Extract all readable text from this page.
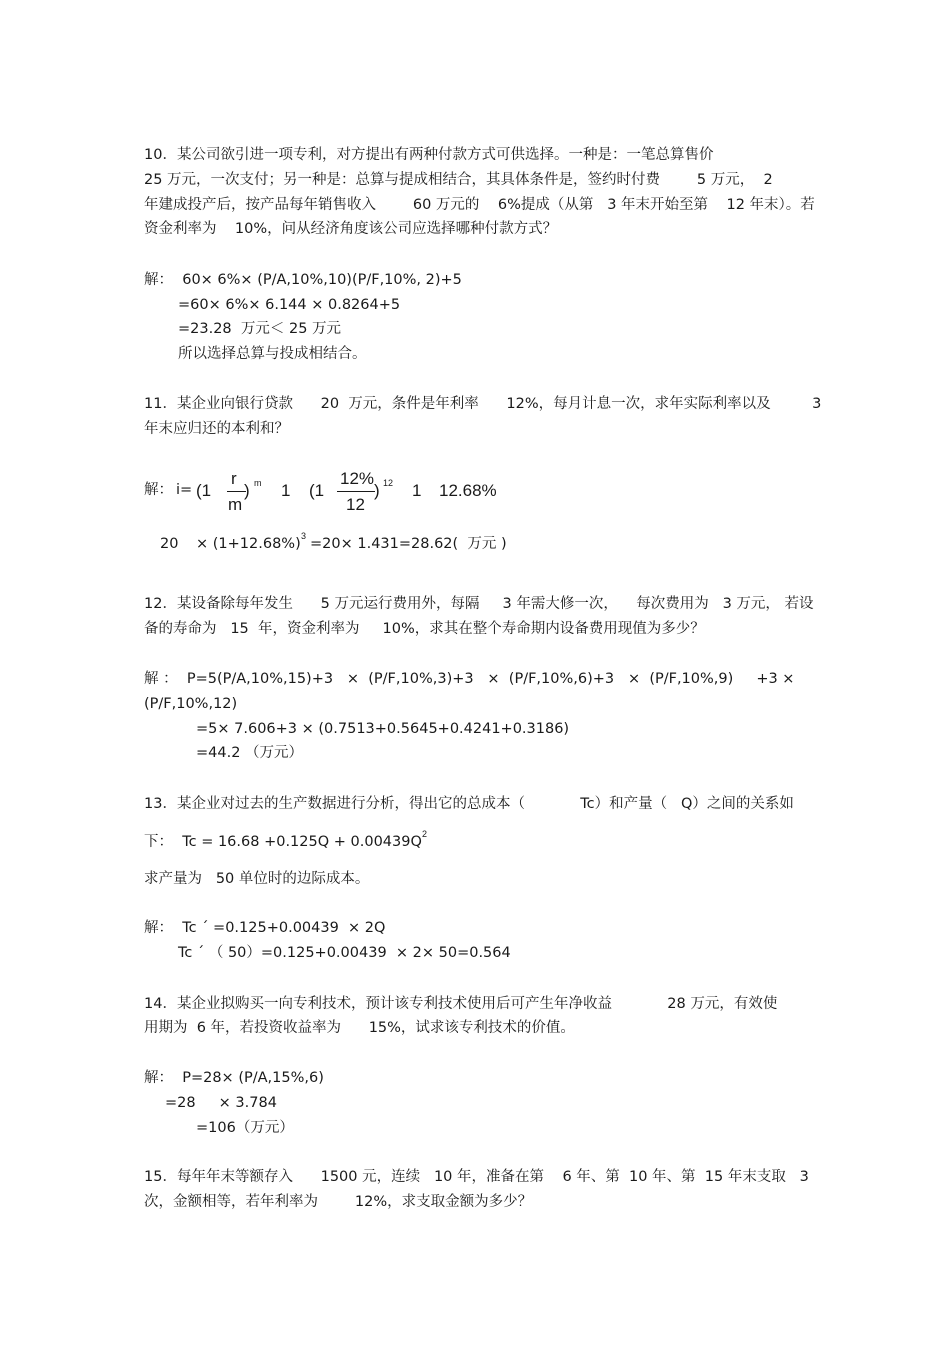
10．某公司欲引进一项专利，对方提出有两种付款方式可供选择。一种是：一笔总算售价
25 万元，一次支付；另一种是：总算与提成相结合，其具体条件是，签约时付费        5 万元，  2
年建成投产后，按产品每年销售收入        60 万元的    6%提成（从第   3 年末开始至第    12 年末）。若
资金利率为    10%，问从经济角度该公司应选择哪种付款方式？
解：  60× 6%× (P/A,10%,10)(P/F,10%, 2)+5
=60× 6%× 6.144 × 0.8264+5
=23.28  万元＜ 25 万元
所以选择总算与投成相结合。
11．某企业向银行贷款      20  万元，条件是年利率      12%，每月计息一次，求年实际利率以及         3
年末应归还的本利和？
解： i= (1
r
m
) m 1 (1
12%
12
) 12 1 12.68%
20 × (1+12.68%) 3 =20× 1.431=28.62(  万元 )
12．某设备除每年发生      5 万元运行费用外，每隔     3 年需大修一次，    每次费用为   3 万元， 若设
备的寿命为   15  年，资金利率为     10%，求其在整个寿命期内设备费用现值为多少？
解 ：  P=5(P/A,10%,15)+3   ×  (P/F,10%,3)+3   ×  (P/F,10%,6)+3   ×  (P/F,10%,9)     +3 ×
(P/F,10%,12)
=5× 7.606+3 × (0.7513+0.5645+0.4241+0.3186)
=44.2 （万元）
13．某企业对过去的生产数据进行分析，得出它的总成本（            Tc）和产量（   Q）之间的关系如
下：  Tc = 16.68 +0.125Q + 0.00439Q 2
求产量为   50 单位时的边际成本。
解：  Tc ˊ =0.125+0.00439  × 2Q
Tc ˊ （ 50）=0.125+0.00439  × 2× 50=0.564
14．某企业拟购买一向专利技术，预计该专利技术使用后可产生年净收益            28 万元，有效使
用期为  6 年，若投资收益率为      15%，试求该专利技术的价值。
解：  P=28× (P/A,15%,6)
=28     × 3.784
=106（万元）
15．每年年末等额存入      1500 元，连续   10 年，准备在第    6 年、第  10 年、第  15 年末支取   3
次，金额相等，若年利率为        12%，求支取金额为多少？
